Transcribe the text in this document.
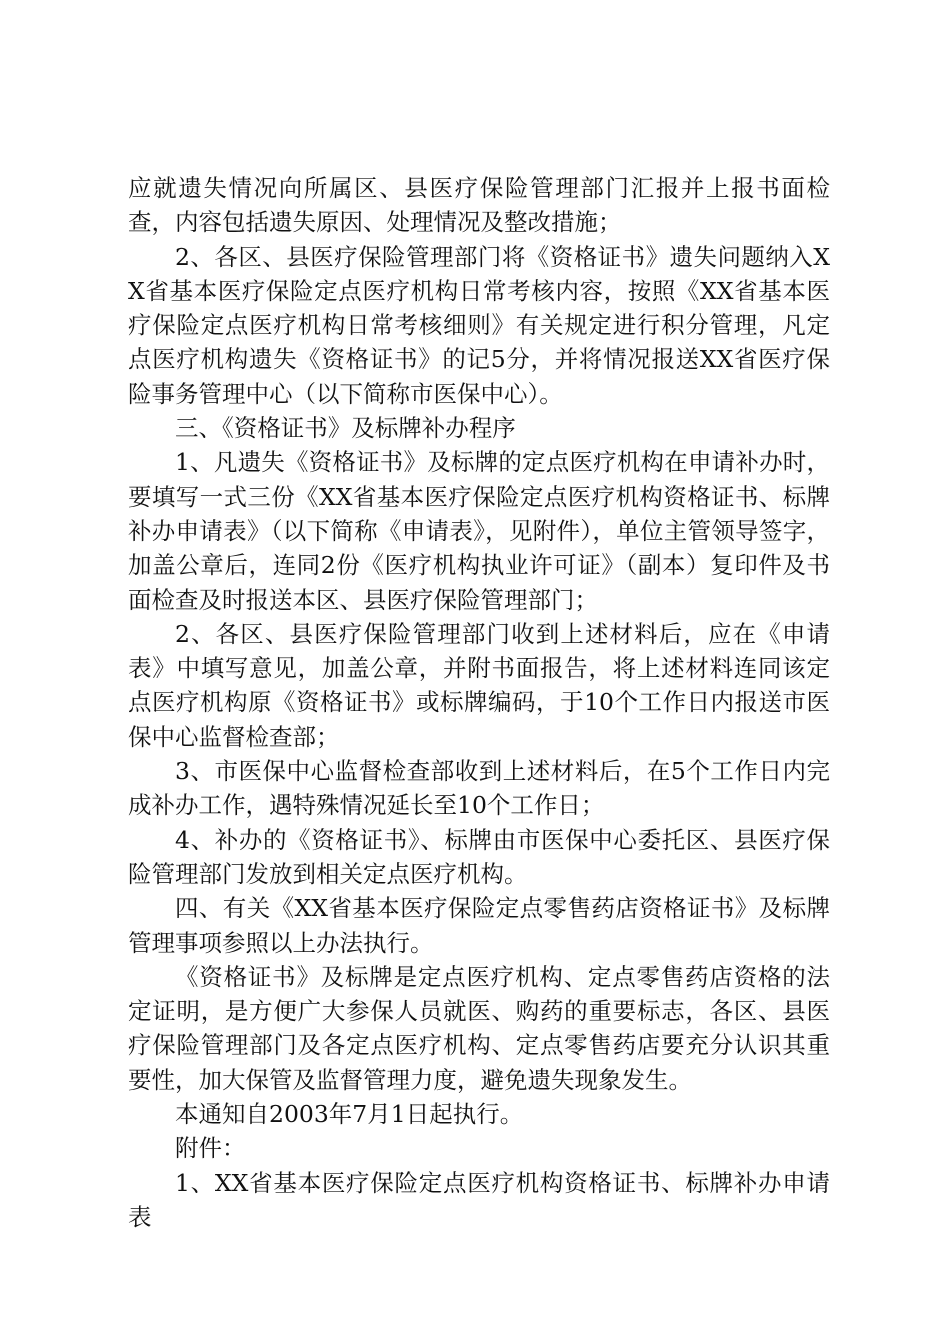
应就遗失情况向所属区、县医疗保险管理部门汇报并上报书面检查，内容包括遗失原因、处理情况及整改措施；

2、各区、县医疗保险管理部门将《资格证书》遗失问题纳入XX省基本医疗保险定点医疗机构日常考核内容，按照《XX省基本医疗保险定点医疗机构日常考核细则》有关规定进行积分管理，凡定点医疗机构遗失《资格证书》的记5分，并将情况报送XX省医疗保险事务管理中心（以下简称市医保中心）。

三、《资格证书》及标牌补办程序

1、凡遗失《资格证书》及标牌的定点医疗机构在申请补办时，要填写一式三份《XX省基本医疗保险定点医疗机构资格证书、标牌补办申请表》（以下简称《申请表》，见附件），单位主管领导签字，加盖公章后，连同2份《医疗机构执业许可证》（副本）复印件及书面检查及时报送本区、县医疗保险管理部门；

2、各区、县医疗保险管理部门收到上述材料后，应在《申请表》中填写意见，加盖公章，并附书面报告，将上述材料连同该定点医疗机构原《资格证书》或标牌编码，于10个工作日内报送市医保中心监督检查部；

3、市医保中心监督检查部收到上述材料后，在5个工作日内完成补办工作，遇特殊情况延长至10个工作日；

4、补办的《资格证书》、标牌由市医保中心委托区、县医疗保险管理部门发放到相关定点医疗机构。

四、有关《XX省基本医疗保险定点零售药店资格证书》及标牌管理事项参照以上办法执行。

《资格证书》及标牌是定点医疗机构、定点零售药店资格的法定证明，是方便广大参保人员就医、购药的重要标志，各区、县医疗保险管理部门及各定点医疗机构、定点零售药店要充分认识其重要性，加大保管及监督管理力度，避免遗失现象发生。

本通知自2003年7月1日起执行。

附件：

1、XX省基本医疗保险定点医疗机构资格证书、标牌补办申请表
